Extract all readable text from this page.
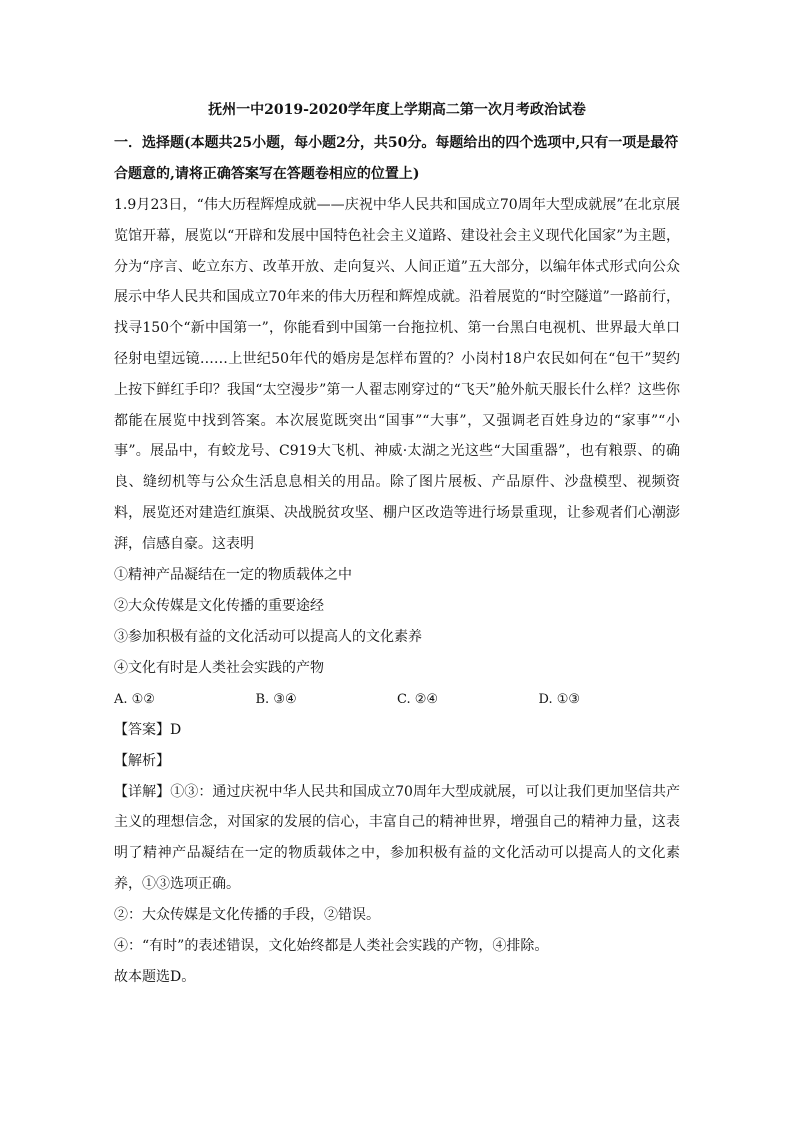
抚州一中2019-2020学年度上学期高二第一次月考政治试卷
一．选择题(本题共25小题，每小题2分，共50分。每题给出的四个选项中,只有一项是最符合题意的,请将正确答案写在答题卷相应的位置上)
1.9月23日，“伟大历程辉煌成就——庆祝中华人民共和国成立70周年大型成就展”在北京展览馆开幕，展览以“开辟和发展中国特色社会主义道路、建设社会主义现代化国家”为主题，分为“序言、屹立东方、改革开放、走向复兴、人间正道”五大部分，以编年体式形式向公众展示中华人民共和国成立70年来的伟大历程和辉煌成就。沿着展览的“时空隧道”一路前行，找寻150个“新中国第一”，你能看到中国第一台拖拉机、第一台黑白电视机、世界最大单口径射电望远镜……上世纪50年代的婚房是怎样布置的？小岗村18户农民如何在“包干”契约上按下鲜红手印？我国“太空漫步”第一人翟志刚穿过的“飞天”舱外航天服长什么样？这些你都能在展览中找到答案。本次展览既突出“国事”“大事”，又强调老百姓身边的“家事”“小事”。展品中，有蛟龙号、C919大飞机、神威·太湖之光这些“大国重器”，也有粮票、的确良、缝纫机等与公众生活息息相关的用品。除了图片展板、产品原件、沙盘模型、视频资料，展览还对建造红旗渠、决战脱贫攻坚、棚户区改造等进行场景重现，让参观者们心潮澎湃，信感自豪。这表明
①精神产品凝结在一定的物质载体之中
②大众传媒是文化传播的重要途经
③参加积极有益的文化活动可以提高人的文化素养
④文化有时是人类社会实践的产物
A. ①②	B. ③④	C. ②④	D. ①③
【答案】D
【解析】
【详解】①③：通过庆祝中华人民共和国成立70周年大型成就展，可以让我们更加坚信共产主义的理想信念，对国家的发展的信心，丰富自己的精神世界，增强自己的精神力量，这表明了精神产品凝结在一定的物质载体之中，参加积极有益的文化活动可以提高人的文化素养，①③选项正确。
②：大众传媒是文化传播的手段，②错误。
④：“有时”的表述错误，文化始终都是人类社会实践的产物，④排除。
故本题选D。
